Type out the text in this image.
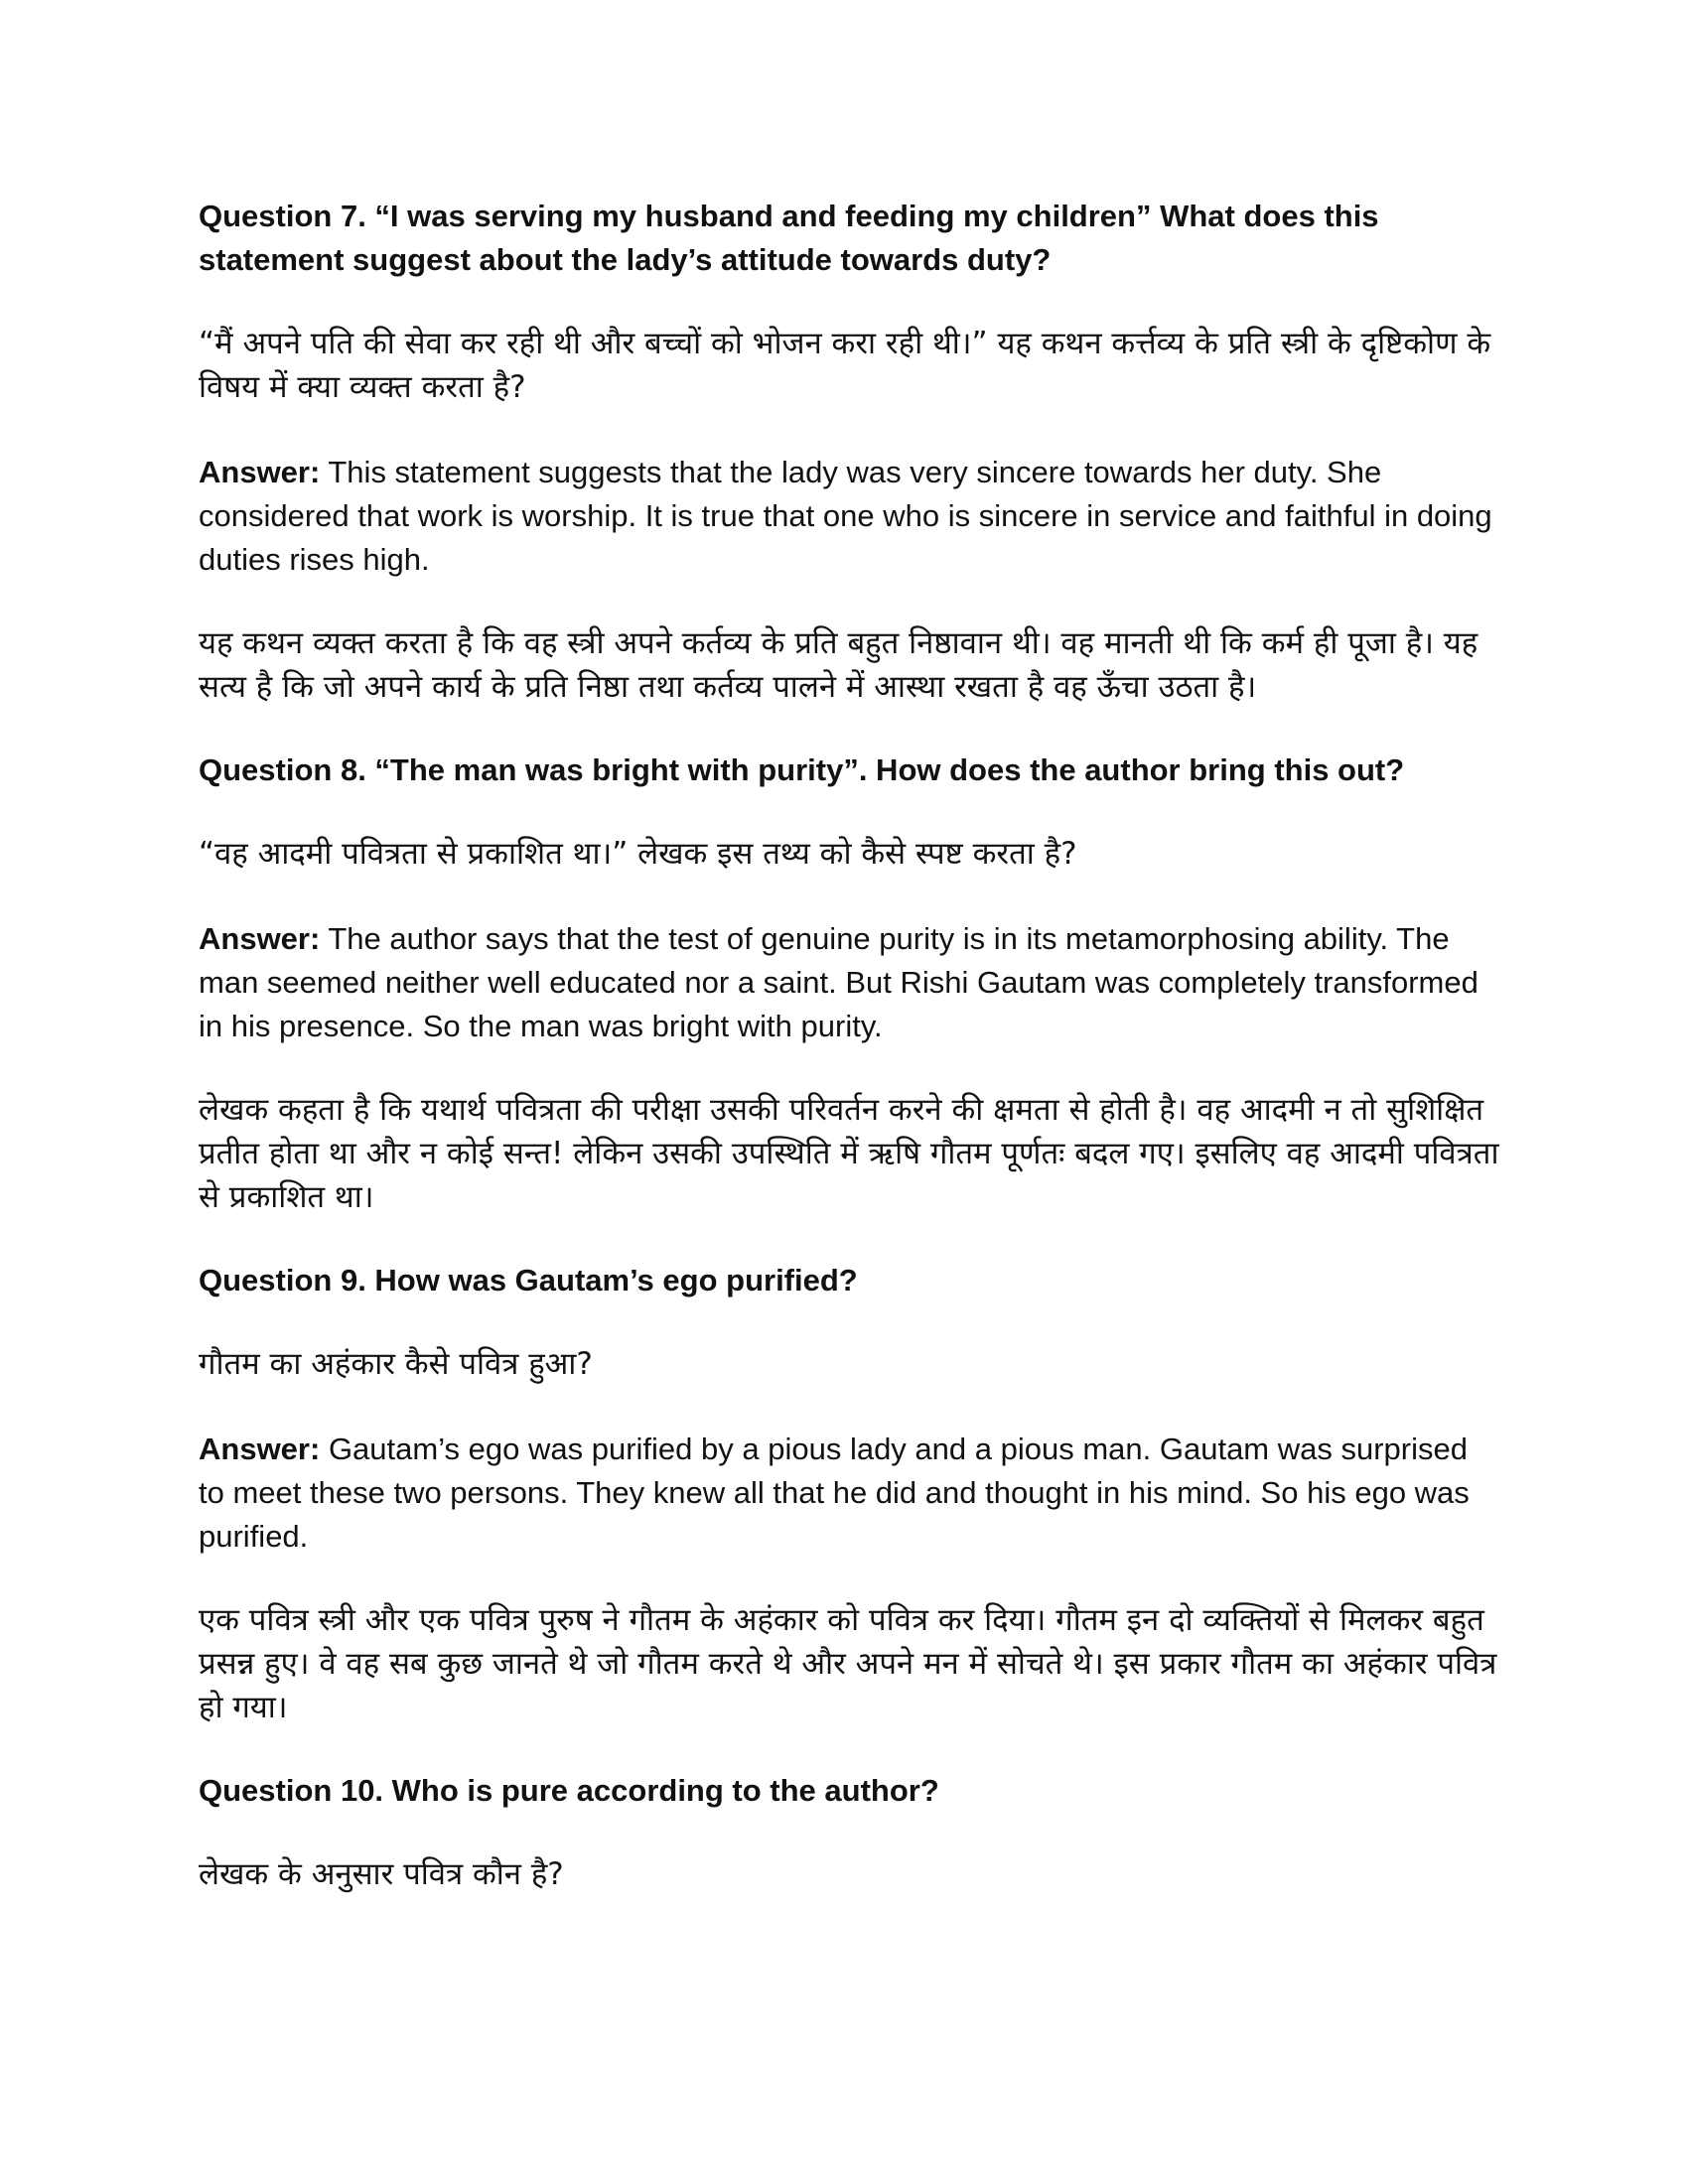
Question 7. “I was serving my husband and feeding my children” What does this statement suggest about the lady’s attitude towards duty?

“मैं अपने पति की सेवा कर रही थी और बच्चों को भोजन करा रही थी।” यह कथन कर्त्तव्य के प्रति स्त्री के दृष्टिकोण के विषय में क्या व्यक्त करता है?

Answer: This statement suggests that the lady was very sincere towards her duty. She considered that work is worship. It is true that one who is sincere in service and faithful in doing duties rises high.

यह कथन व्यक्त करता है कि वह स्त्री अपने कर्तव्य के प्रति बहुत निष्ठावान थी। वह मानती थी कि कर्म ही पूजा है। यह सत्य है कि जो अपने कार्य के प्रति निष्ठा तथा कर्तव्य पालने में आस्था रखता है वह ऊँचा उठता है।

Question 8. “The man was bright with purity”. How does the author bring this out?

“वह आदमी पवित्रता से प्रकाशित था।” लेखक इस तथ्य को कैसे स्पष्ट करता है?

Answer: The author says that the test of genuine purity is in its metamorphosing ability. The man seemed neither well educated nor a saint. But Rishi Gautam was completely transformed in his presence. So the man was bright with purity.

लेखक कहता है कि यथार्थ पवित्रता की परीक्षा उसकी परिवर्तन करने की क्षमता से होती है। वह आदमी न तो सुशिक्षित प्रतीत होता था और न कोई सन्त! लेकिन उसकी उपस्थिति में ऋषि गौतम पूर्णतः बदल गए। इसलिए वह आदमी पवित्रता से प्रकाशित था।

Question 9. How was Gautam’s ego purified?

गौतम का अहंकार कैसे पवित्र हुआ?

Answer: Gautam’s ego was purified by a pious lady and a pious man. Gautam was surprised to meet these two persons. They knew all that he did and thought in his mind. So his ego was purified.

एक पवित्र स्त्री और एक पवित्र पुरुष ने गौतम के अहंकार को पवित्र कर दिया। गौतम इन दो व्यक्तियों से मिलकर बहुत प्रसन्न हुए। वे वह सब कुछ जानते थे जो गौतम करते थे और अपने मन में सोचते थे। इस प्रकार गौतम का अहंकार पवित्र हो गया।

Question 10. Who is pure according to the author?

लेखक के अनुसार पवित्र कौन है?
